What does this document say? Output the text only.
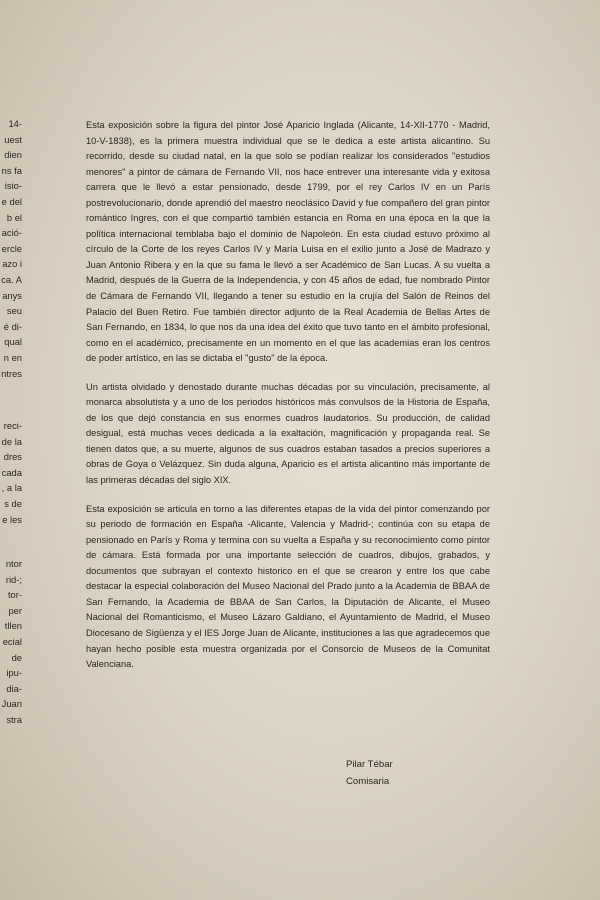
14-
uest
dien
ns fa
isio-
e del
b el
ació-
ercle
azo i
ca. A
anys
seu
é di-
qual
n en
ntres
reci-
de la
dres
cada
, a la
s de
e les
ntor
rid-;
tor-
per
tllen
ecial
de
ipu-
dia-
Juan
stra

Esta exposición sobre la figura del pintor José Aparicio Inglada (Alicante, 14-XII-1770 - Madrid, 10-V-1838), es la primera muestra individual que se le dedica a este artista alicantino. Su recorrido, desde su ciudad natal, en la que solo se podían realizar los considerados "estudios menores" a pintor de cámara de Fernando VII, nos hace entrever una interesante vida y exitosa carrera que le llevó a estar pensionado, desde 1799, por el rey Carlos IV en un París postrevolucionario, donde aprendió del maestro neoclásico David y fue compañero del gran pintor romántico Ingres, con el que compartió también estancia en Roma en una época en la que la política internacional temblaba bajo el dominio de Napoleón. En esta ciudad estuvo próximo al círculo de la Corte de los reyes Carlos IV y María Luisa en el exilio junto a José de Madrazo y Juan Antonio Ribera y en la que su fama le llevó a ser Académico de San Lucas. A su vuelta a Madrid, después de la Guerra de la Independencia, y con 45 años de edad, fue nombrado Pintor de Cámara de Fernando VII, llegando a tener su estudio en la crujía del Salón de Reinos del Palacio del Buen Retiro. Fue también director adjunto de la Real Academia de Bellas Artes de San Fernando, en 1834, lo que nos da una idea del éxito que tuvo tanto en el ámbito profesional, como en el académico, precisamente en un momento en el que las academias eran los centros de poder artístico, en las se dictaba el "gusto" de la época.

Un artista olvidado y denostado durante muchas décadas por su vinculación, precisamente, al monarca absolutista y a uno de los periodos históricos más convulsos de la Historia de España, de los que dejó constancia en sus enormes cuadros laudatorios. Su producción, de calidad desigual, está muchas veces dedicada a la exaltación, magnificación y propaganda real. Se tienen datos que, a su muerte, algunos de sus cuadros estaban tasados a precios superiores a obras de Goya o Velázquez. Sin duda alguna, Aparicio es el artista alicantino más importante de las primeras décadas del siglo XIX.

Esta exposición se articula en torno a las diferentes etapas de la vida del pintor comenzando por su periodo de formación en España -Alicante, Valencia y Madrid-; continúa con su etapa de pensionado en París y Roma y termina con su vuelta a España y su reconocimiento como pintor de cámara. Está formada por una importante selección de cuadros, dibujos, grabados, y documentos que subrayan el contexto historico en el que se crearon y entre los que cabe destacar la especial colaboración del Museo Nacional del Prado junto a la Academia de BBAA de San Fernando, la Academia de BBAA de San Carlos, la Diputación de Alicante, el Museo Nacional del Romanticismo, el Museo Lázaro Galdiano, el Ayuntamiento de Madrid, el Museo Diocesano de Sigüenza y el IES Jorge Juan de Alicante, instituciones a las que agradecemos que hayan hecho posible esta muestra organizada por el Consorcio de Museos de la Comunitat Valenciana.

Pilar Tébar
Comisaria
